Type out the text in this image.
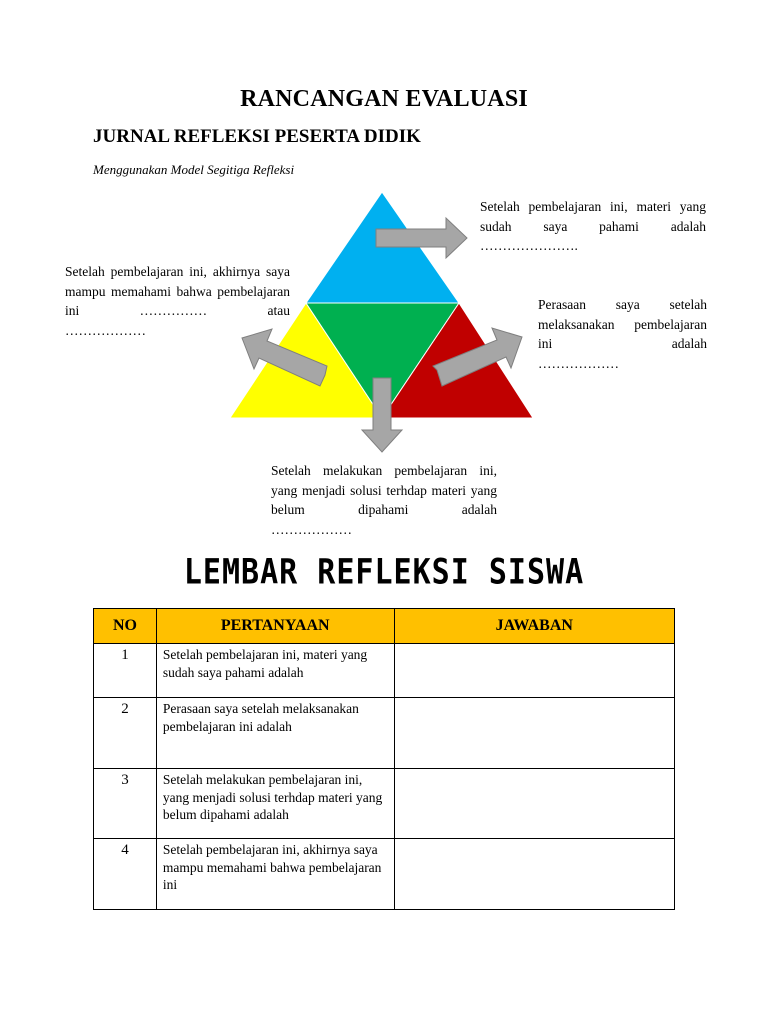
RANCANGAN EVALUASI
JURNAL REFLEKSI PESERTA DIDIK
Menggunakan Model Segitiga Refleksi
Setelah pembelajaran ini, materi yang sudah saya pahami adalah
………………….
Setelah pembelajaran ini, akhirnya saya mampu memahami bahwa pembelajaran ini	…………… atau
………………
Perasaan saya setelah melaksanakan pembelajaran ini adalah
………………
Setelah melakukan pembelajaran ini, yang menjadi solusi terhdap materi yang belum dipahami adalah
………………
LEMBAR REFLEKSI SISWA
NO	PERTANYAAN	JAWABAN
1	Setelah pembelajaran ini, materi yang sudah saya pahami adalah	
2	Perasaan saya setelah melaksanakan pembelajaran ini adalah	
3	Setelah melakukan pembelajaran ini, yang menjadi solusi terhdap materi yang belum dipahami adalah	
4	Setelah pembelajaran ini, akhirnya saya mampu memahami bahwa pembelajaran ini	
